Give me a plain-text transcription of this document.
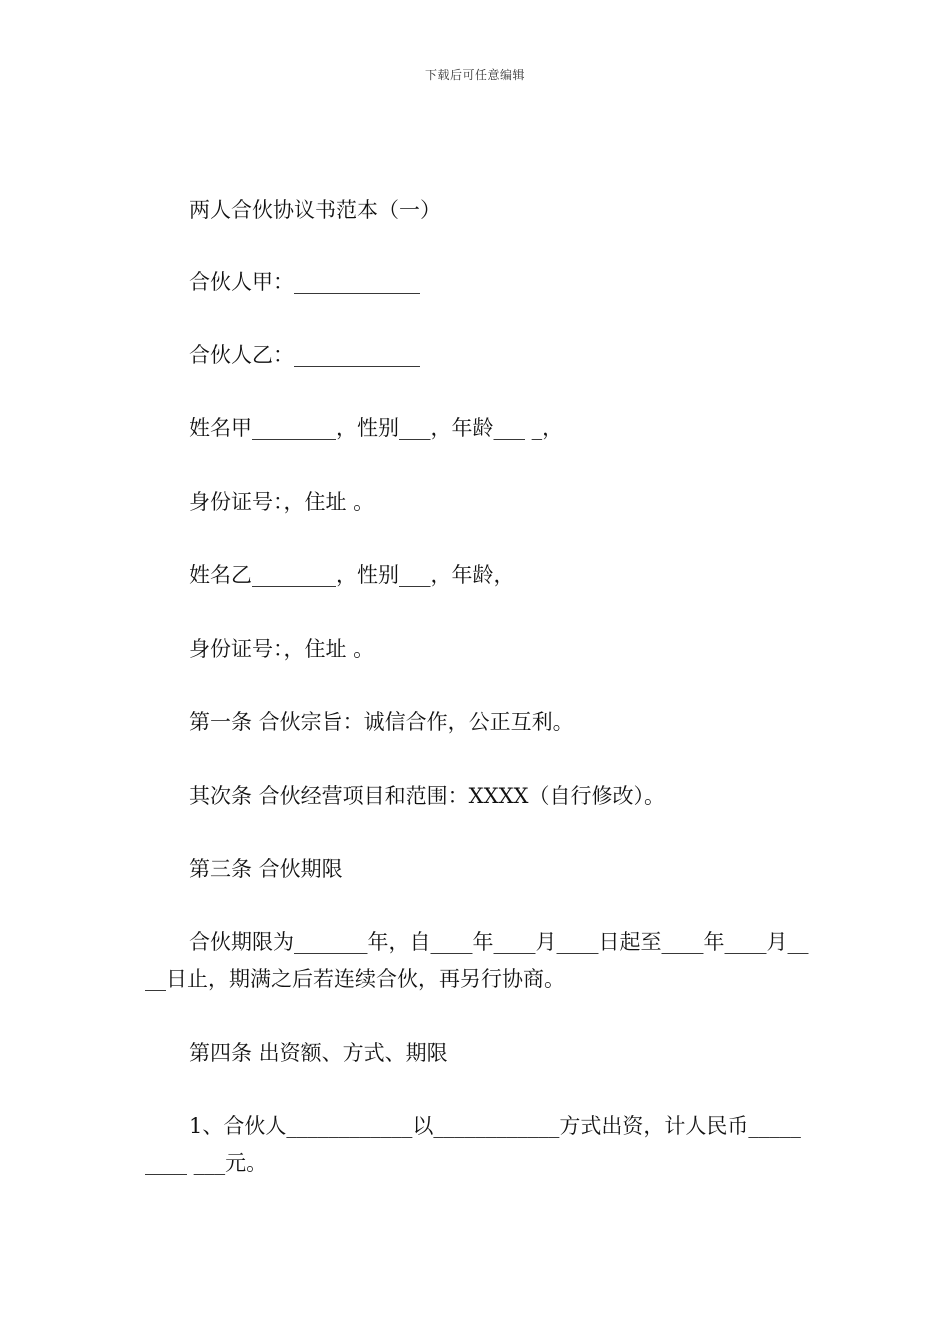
下载后可任意编辑
两人合伙协议书范本（一）
合伙人甲：____________
合伙人乙：____________
姓名甲________，性别___，年龄___ _，
身份证号：，住址 。
姓名乙________，性别___，年龄，
身份证号：，住址 。
第一条 合伙宗旨：诚信合作，公正互利。
其次条 合伙经营项目和范围：XXXX（自行修改）。
第三条 合伙期限
合伙期限为_______年，自____年____月____日起至____年____月____日止，期满之后若连续合伙，再另行协商。
第四条 出资额、方式、期限
1、合伙人____________以____________方式出资，计人民币_________ ___元。
